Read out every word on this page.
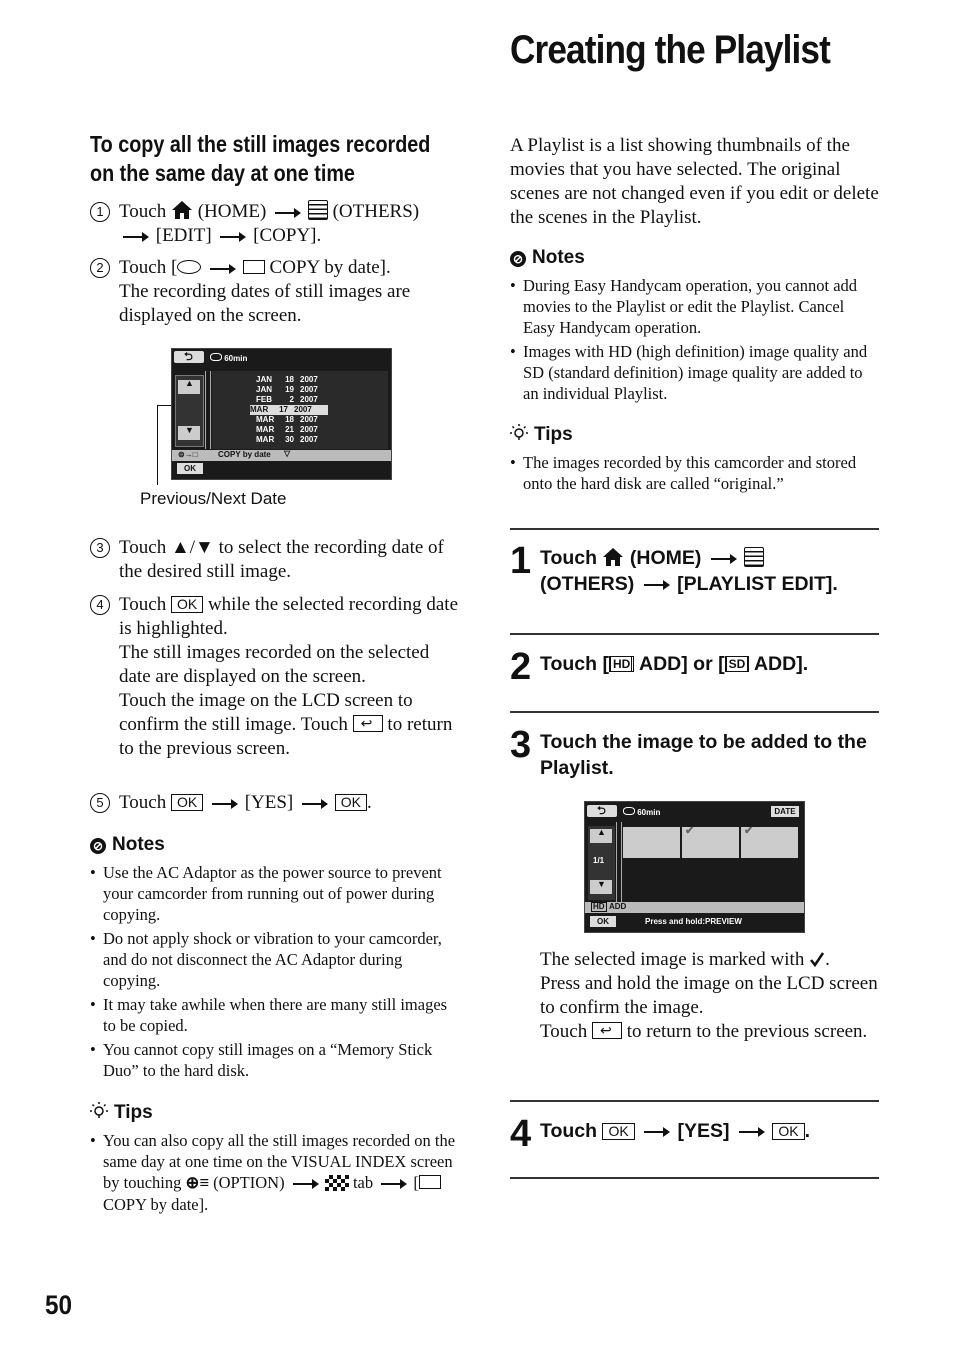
Creating the Playlist
To copy all the still images recorded on the same day at one time
1 Touch (HOME)	(OTHERS)
[EDIT] [COPY].
2 Touch [	COPY by date].
The recording dates of still images are displayed on the screen.
⮌	60min
▲
▼
JAN	18 2007
JAN	19 2007
FEB	2 2007
MAR	17 2007
MAR	18 2007
MAR	21 2007
MAR	30 2007
⊜→□	COPY by date ▽
OK
Previous/Next Date
3 Touch ▲/▼ to select the recording date of the desired still image.
4 Touch OK while the selected recording date is highlighted.
The still images recorded on the selected date are displayed on the screen.
Touch the image on the LCD screen to confirm the still image. Touch ↩ to return to the previous screen.
5 Touch OK	[YES]	OK .
⊘ Notes
• Use the AC Adaptor as the power source to prevent your camcorder from running out of power during copying.
• Do not apply shock or vibration to your camcorder, and do not disconnect the AC Adaptor during copying.
• It may take awhile when there are many still images to be copied.
• You cannot copy still images on a “Memory Stick Duo” to the hard disk.
Tips
• You can also copy all the still images recorded on the same day at one time on the VISUAL INDEX screen by touching ⊕≡ (OPTION)	tab [ COPY by date].
A Playlist is a list showing thumbnails of the movies that you have selected. The original scenes are not changed even if you edit or delete the scenes in the Playlist.
⊘ Notes
• During Easy Handycam operation, you cannot add movies to the Playlist or edit the Playlist. Cancel Easy Handycam operation.
• Images with HD (high definition) image quality and SD (standard definition) image quality are added to an individual Playlist.
Tips
• The images recorded by this camcorder and stored onto the hard disk are called “original.”
1 Touch (HOME)
(OTHERS) [PLAYLIST EDIT].
2 Touch [ HD ADD] or [ SD ADD].
3 Touch the image to be added to the Playlist.
⮌	60min	DATE
▲
1/1
▼
✔	✔
HD ADD
OK	Press and hold:PREVIEW
The selected image is marked with .
Press and hold the image on the LCD screen to confirm the image.
Touch ↩ to return to the previous screen.
4 Touch OK	[YES]	OK .
50
